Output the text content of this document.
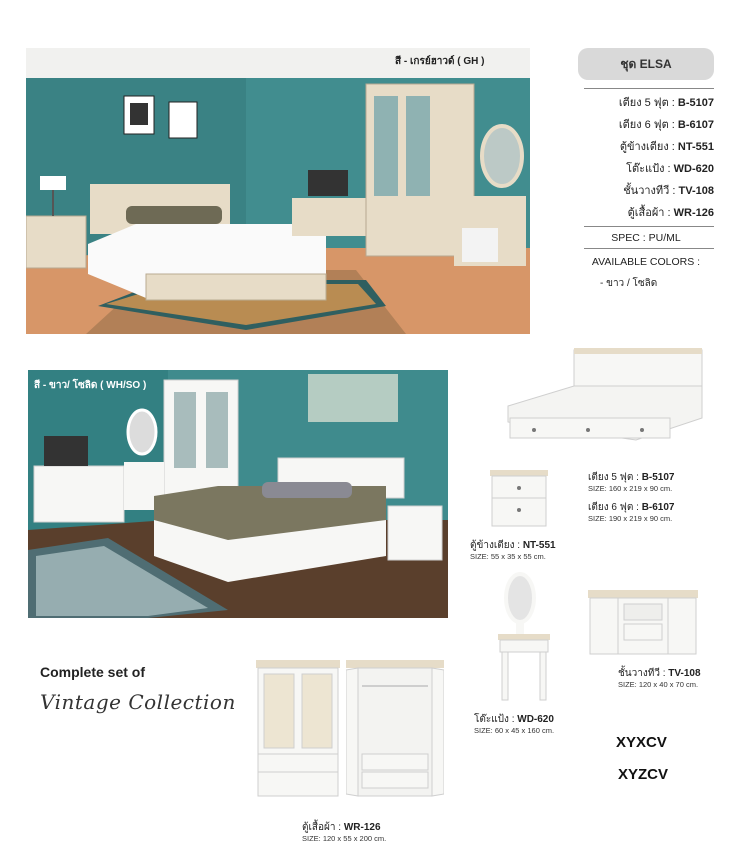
สี - เกรย์ฮาวด์ ( GH )	ชุด ELSA
เตียง 5 ฟุต : B-5107
เตียง 6 ฟุต : B-6107
ตู้ข้างเตียง : NT-551
โต๊ะแป้ง : WD-620
ชั้นวางทีวี : TV-108
ตู้เสื้อผ้า : WR-126
SPEC : PU/ML
AVAILABLE COLORS :
- ขาว / โซลิด
สี - ขาว/ โซลิด ( WH/SO )
เตียง 5 ฟุต : B-5107
SIZE: 160 x 219 x 90 cm.
เตียง 6 ฟุต : B-6107
SIZE: 190 x 219 x 90 cm.
ตู้ข้างเตียง : NT-551
SIZE: 55 x 35 x 55 cm.
โต๊ะแป้ง : WD-620
SIZE: 60 x 45 x 160 cm.
ชั้นวางทีวี : TV-108
SIZE: 120 x 40 x 70 cm.
ตู้เสื้อผ้า : WR-126
SIZE: 120 x 55 x 200 cm.
Complete set of
Vintage Collection
XYXCV
XYZCV
